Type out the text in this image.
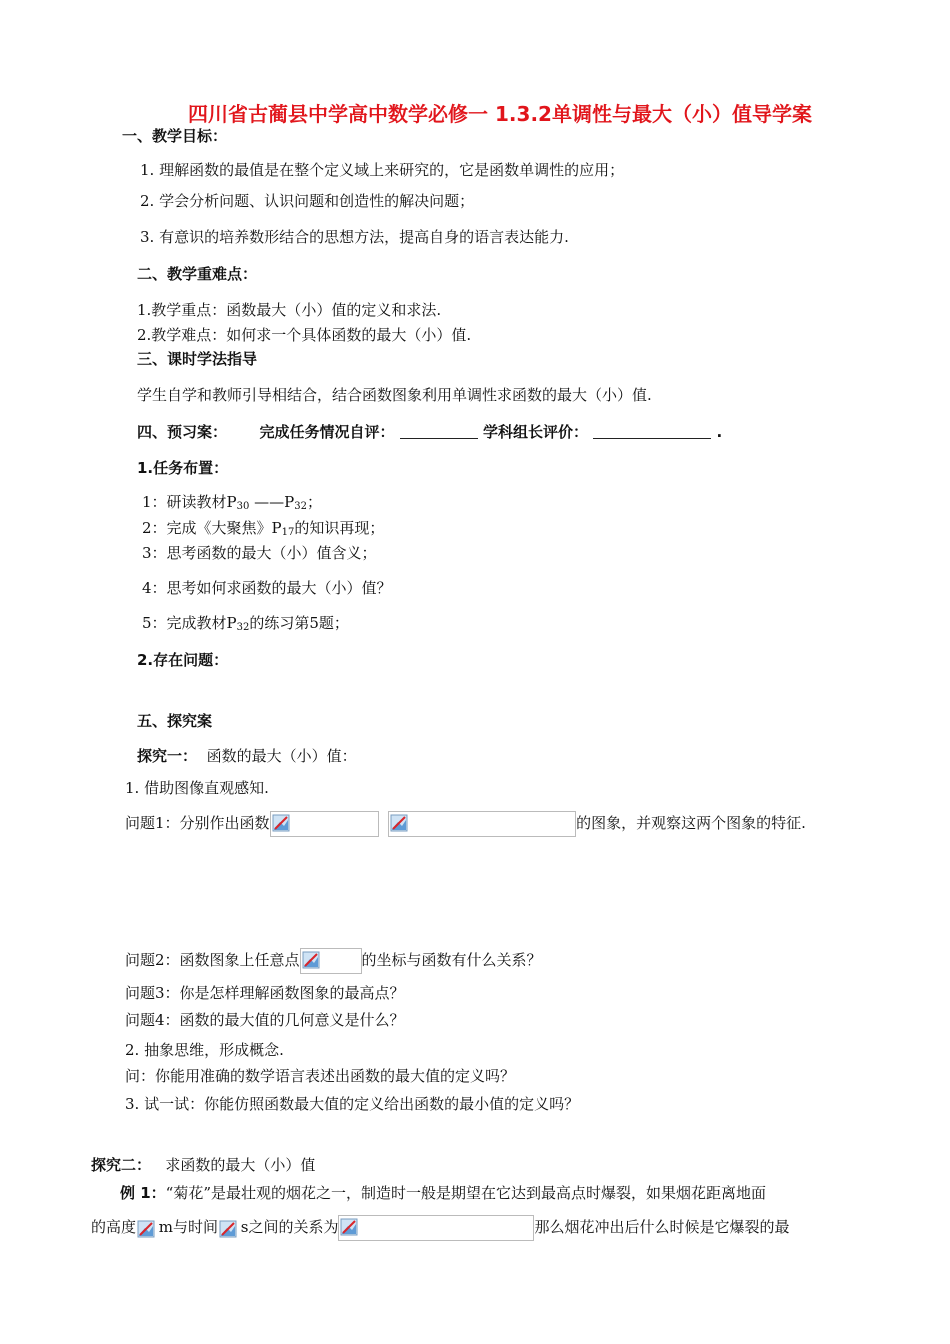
四川省古蔺县中学高中数学必修一 1.3.2单调性与最大（小）值导学案
一、教学目标：
1. 理解函数的最值是在整个定义域上来研究的，它是函数单调性的应用；
2. 学会分析问题、认识问题和创造性的解决问题；
3. 有意识的培养数形结合的思想方法，提高自身的语言表达能力.
二、教学重难点：
1.教学重点：函数最大（小）值的定义和求法.
2.教学难点：如何求一个具体函数的最大（小）值.
三、课时学法指导
学生自学和教师引导相结合，结合函数图象利用单调性求函数的最大（小）值.
四、预习案： 完成任务情况自评：	学科组长评价：	.
1.任务布置：
1：研读教材$P_{30}$ $——P_{32}$；
2：完成《大聚焦》$P_{17}$的知识再现；
3：思考函数的最大（小）值含义；
4：思考如何求函数的最大（小）值？
5：完成教材$P_{32}$的练习第5题；
2.存在问题：
五、探究案
探究一： 函数的最大（小）值：
1. 借助图像直观感知.
问题1：分别作出函数
	的图象，并观察这两个图象的特征.
问题2：函数图象上任意点	的坐标与函数有什么关系？
问题3：你是怎样理解函数图象的最高点？
问题4：函数的最大值的几何意义是什么？
2. 抽象思维，形成概念.
问：你能用准确的数学语言表述出函数的最大值的定义吗？
3. 试一试：你能仿照函数最大值的定义给出函数的最小值的定义吗？
探究二： 求函数的最大（小）值
例 1：“菊花”是最壮观的烟花之一，制造时一般是期望在它达到最高点时爆裂，如果烟花距离地面
的高度
m与时间
s之间的关系为	那么烟花冲出后什么时候是它爆裂的最
